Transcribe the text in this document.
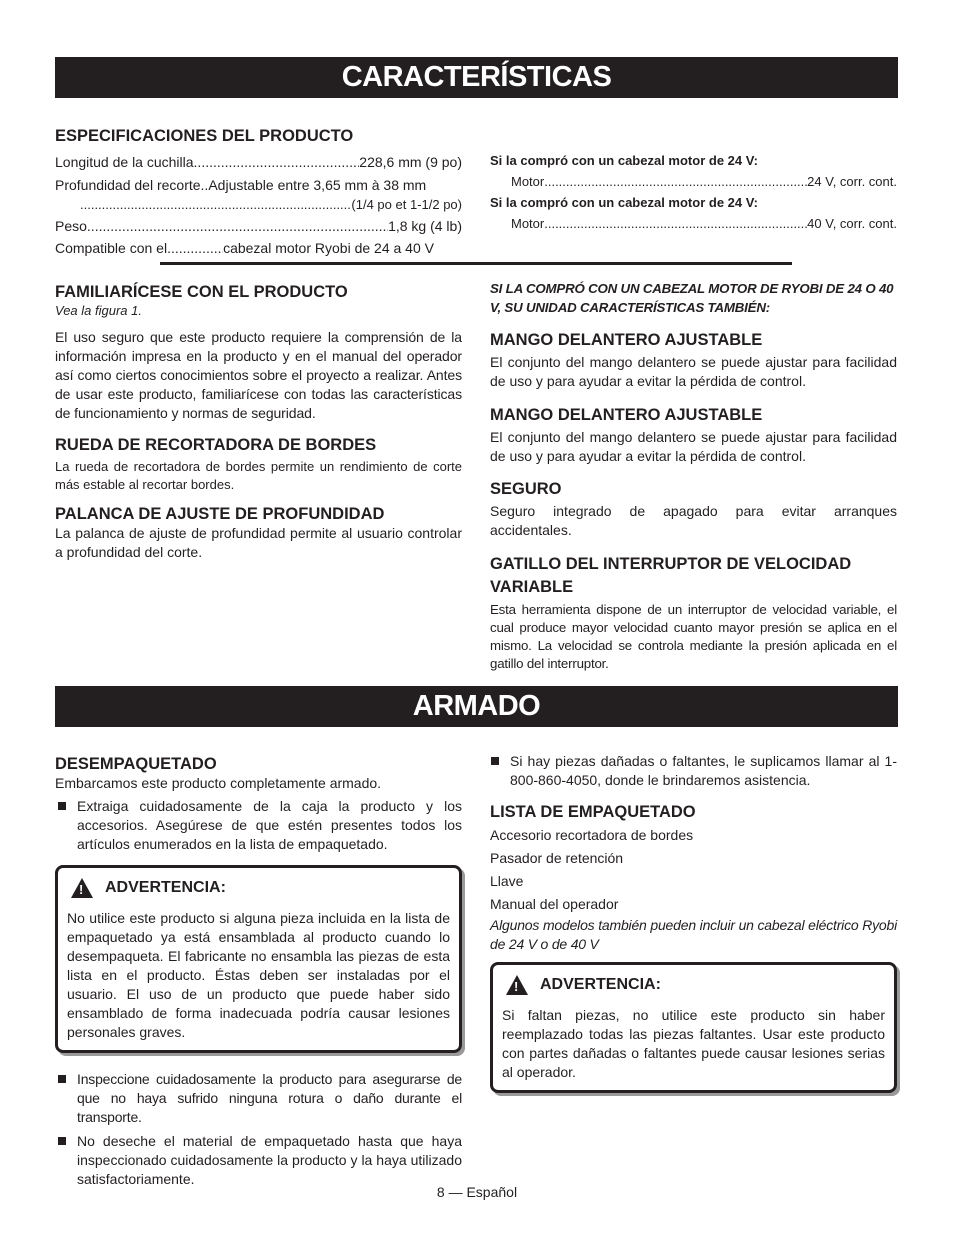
CARACTERÍSTICAS
ESPECIFICACIONES DEL PRODUCTO
Longitud de la cuchilla .....	228,6 mm (9 po)
Profundidad del recorte.. Adjustable entre 3,65 mm à 38 mm
.....
(1/4 po et 1-1/2 po)
Peso .....	1,8 kg (4 lb)
Compatible con el .....	cabezal motor Ryobi de 24 a 40 V
Si la compró con un cabezal motor de 24 V:
Motor .....	24 V, corr. cont.
Si la compró con un cabezal motor de 24 V:
Motor .....	40 V, corr. cont.
FAMILIARÍCESE CON EL PRODUCTO
Vea la figura 1.
El uso seguro que este producto requiere la comprensión de la información impresa en la producto y en el manual del operador así como ciertos conocimientos sobre el proyecto a realizar. Antes de usar este producto, familiarícese con todas las características de funcionamiento y normas de seguridad.
RUEDA DE RECORTADORA DE BORDES
La rueda de recortadora de bordes permite un rendimiento de corte más estable al recortar bordes.
PALANCA DE AJUSTE DE PROFUNDIDAD
La palanca de ajuste de profundidad permite al usuario controlar a profundidad del corte.
SI LA COMPRÓ CON UN CABEZAL MOTOR DE RYOBI DE 24 O 40 V, SU UNIDAD CARACTERÍSTICAS TAMBIÉN:
MANGO DELANTERO AJUSTABLE
El conjunto del mango delantero se puede ajustar para facilidad de uso y para ayudar a evitar la pérdida de control.
MANGO DELANTERO AJUSTABLE
El conjunto del mango delantero se puede ajustar para facilidad de uso y para ayudar a evitar la pérdida de control.
SEGURO
Seguro integrado de apagado para evitar arranques accidentales.
GATILLO DEL INTERRUPTOR DE VELOCIDAD VARIABLE
Esta herramienta dispone de un interruptor de velocidad variable, el cual produce mayor velocidad cuanto mayor presión se aplica en el mismo. La velocidad se controla mediante la presión aplicada en el gatillo del interruptor.
ARMADO
DESEMPAQUETADO
Embarcamos este producto completamente armado.
Extraiga cuidadosamente de la caja la producto y los accesorios. Asegúrese de que estén presentes todos los artículos enumerados en la lista de empaquetado.
! ADVERTENCIA:
No utilice este producto si alguna pieza incluida en la lista de empaquetado ya está ensamblada al producto cuando lo desempaqueta. El fabricante no ensambla las piezas de esta lista en el producto. Éstas deben ser instaladas por el usuario. El uso de un producto que puede haber sido ensamblado de forma inadecuada podría causar lesiones personales graves.
Inspeccione cuidadosamente la producto para asegurarse de que no haya sufrido ninguna rotura o daño durante el transporte.
No deseche el material de empaquetado hasta que haya inspeccionado cuidadosamente la producto y la haya utilizado satisfactoriamente.
Si hay piezas dañadas o faltantes, le suplicamos llamar al 1-800-860-4050, donde le brindaremos asistencia.
LISTA DE EMPAQUETADO
Accesorio recortadora de bordes
Pasador de retención
Llave
Manual del operador
Algunos modelos también pueden incluir un cabezal eléctrico Ryobi de 24 V o de 40 V
! ADVERTENCIA:
Si faltan piezas, no utilice este producto sin haber reemplazado todas las piezas faltantes. Usar este producto con partes dañadas o faltantes puede causar lesiones serias al operador.
8 — Español
